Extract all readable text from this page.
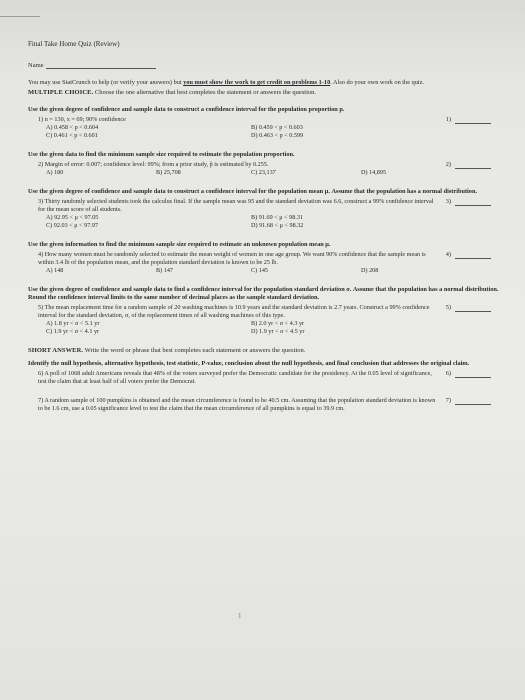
Final Take Home Quiz (Review)
Name
You may use StatCrunch to help (or verify your answers) but you must show the work to get credit on problems 1-10. Also do your own work on the quiz.
MULTIPLE CHOICE. Choose the one alternative that best completes the statement or answers the question.
Use the given degree of confidence and sample data to construct a confidence interval for the population proportion p.
1) n = 130, x = 69; 90% confidence	1)
A) 0.458 < p < 0.604	B) 0.459 < p < 0.603
C) 0.461 < p < 0.601	D) 0.463 < p < 0.599
Use the given data to find the minimum sample size required to estimate the population proportion.
2) Margin of error: 0.007; confidence level: 99%; from a prior study, p̂ is estimated by 0.255.	2)
A) 180	B) 25,708	C) 23,137	D) 14,895
Use the given degree of confidence and sample data to construct a confidence interval for the population mean μ. Assume that the population has a normal distribution.
3) Thirty randomly selected students took the calculus final. If the sample mean was 95 and the standard deviation was 6.6, construct a 99% confidence interval for the mean score of all students.
3)
A) 92.95 < μ < 97.05	B) 91.69 < μ < 98.31
C) 92.03 < μ < 97.97	D) 91.68 < μ < 98.32
Use the given information to find the minimum sample size required to estimate an unknown population mean μ.
4) How many women must be randomly selected to estimate the mean weight of women in one age group. We want 90% confidence that the sample mean is within 3.4 lb of the population mean, and the population standard deviation is known to be 25 lb.
4)
A) 148	B) 147	C) 145	D) 208
Use the given degree of confidence and sample data to find a confidence interval for the population standard deviation σ. Assume that the population has a normal distribution. Round the confidence interval limits to the same number of decimal places as the sample standard deviation.
5) The mean replacement time for a random sample of 20 washing machines is 10.9 years and the standard deviation is 2.7 years. Construct a 99% confidence interval for the standard deviation, σ, of the replacement times of all washing machines of this type.
5)
A) 1.8 yr < σ < 5.1 yr	B) 2.0 yr < σ < 4.3 yr
C) 1.9 yr < σ < 4.1 yr	D) 1.9 yr < σ < 4.5 yr
SHORT ANSWER. Write the word or phrase that best completes each statement or answers the question.
Identify the null hypothesis, alternative hypothesis, test statistic, P-value, conclusion about the null hypothesis, and final conclusion that addresses the original claim.
6) A poll of 1068 adult Americans reveals that 48% of the voters surveyed prefer the Democratic candidate for the presidency. At the 0.05 level of significance, test the claim that at least half of all voters prefer the Democrat.
6)
7) A random sample of 100 pumpkins is obtained and the mean circumference is found to be 40.5 cm. Assuming that the population standard deviation is known to be 1.6 cm, use a 0.05 significance level to test the claim that the mean circumference of all pumpkins is equal to 39.9 cm.
7)
1
